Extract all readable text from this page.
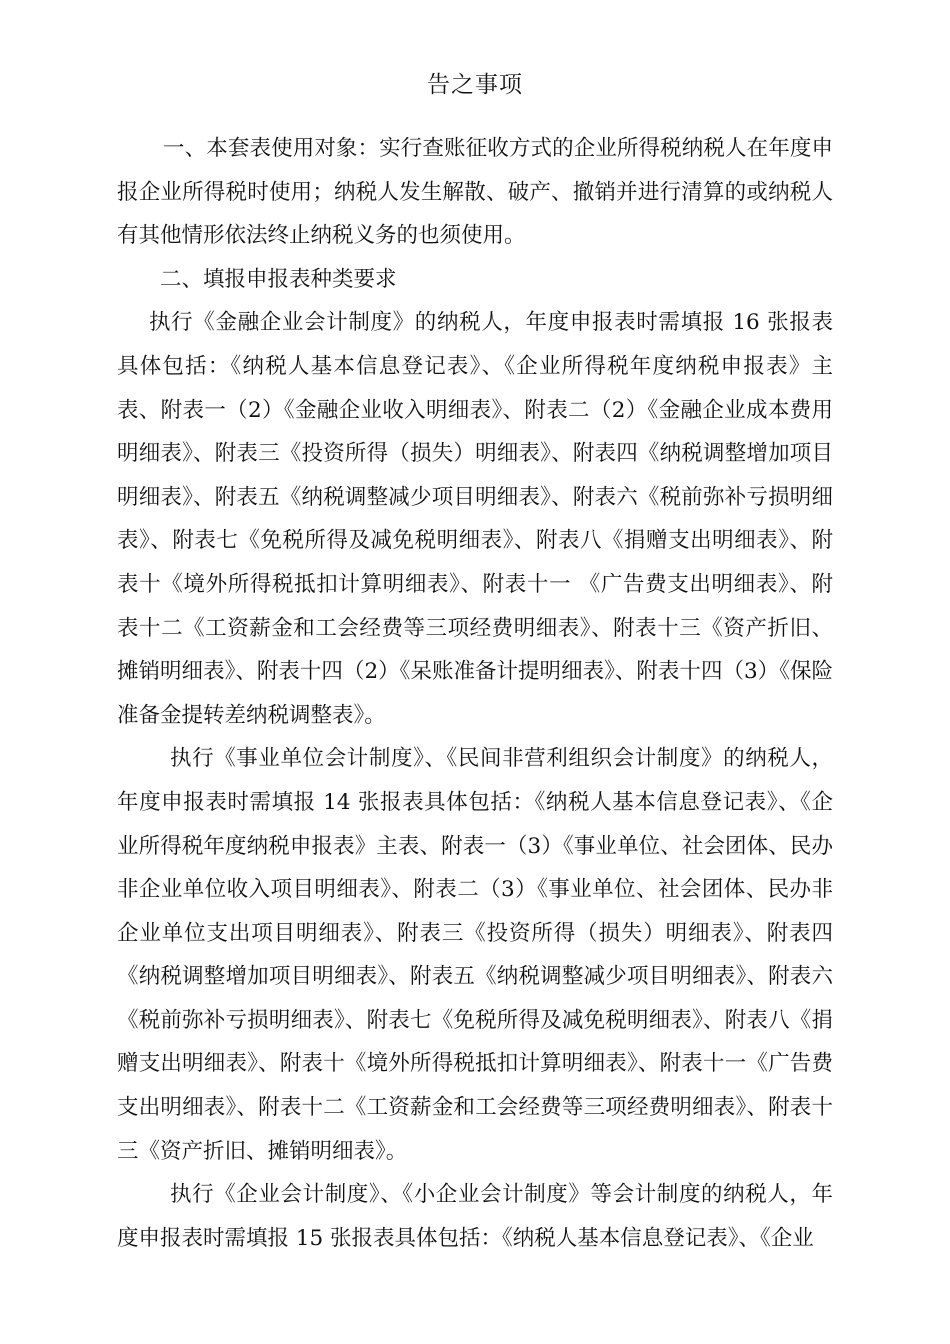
告之事项

一、本套表使用对象：实行查账征收方式的企业所得税纳税人在年度申报企业所得税时使用；纳税人发生解散、破产、撤销并进行清算的或纳税人有其他情形依法终止纳税义务的也须使用。

二、填报申报表种类要求

执行《金融企业会计制度》的纳税人，年度申报表时需填报 16 张报表具体包括：《纳税人基本信息登记表》、《企业所得税年度纳税申报表》主表、附表一（2）《金融企业收入明细表》、附表二（2）《金融企业成本费用明细表》、附表三《投资所得（损失）明细表》、附表四《纳税调整增加项目明细表》、附表五《纳税调整减少项目明细表》、附表六《税前弥补亏损明细表》、附表七《免税所得及减免税明细表》、附表八《捐赠支出明细表》、附表十《境外所得税抵扣计算明细表》、附表十一 《广告费支出明细表》、附表十二《工资薪金和工会经费等三项经费明细表》、附表十三《资产折旧、摊销明细表》、附表十四（2）《呆账准备计提明细表》、附表十四（3）《保险准备金提转差纳税调整表》。

执行《事业单位会计制度》、《民间非营利组织会计制度》的纳税人，年度申报表时需填报 14 张报表具体包括：《纳税人基本信息登记表》、《企业所得税年度纳税申报表》主表、附表一（3）《事业单位、社会团体、民办非企业单位收入项目明细表》、附表二（3）《事业单位、社会团体、民办非企业单位支出项目明细表》、附表三《投资所得（损失）明细表》、附表四《纳税调整增加项目明细表》、附表五《纳税调整减少项目明细表》、附表六《税前弥补亏损明细表》、附表七《免税所得及减免税明细表》、附表八《捐赠支出明细表》、附表十《境外所得税抵扣计算明细表》、附表十一《广告费支出明细表》、附表十二《工资薪金和工会经费等三项经费明细表》、附表十三《资产折旧、摊销明细表》。

执行《企业会计制度》、《小企业会计制度》等会计制度的纳税人，年度申报表时需填报 15 张报表具体包括：《纳税人基本信息登记表》、《企业
